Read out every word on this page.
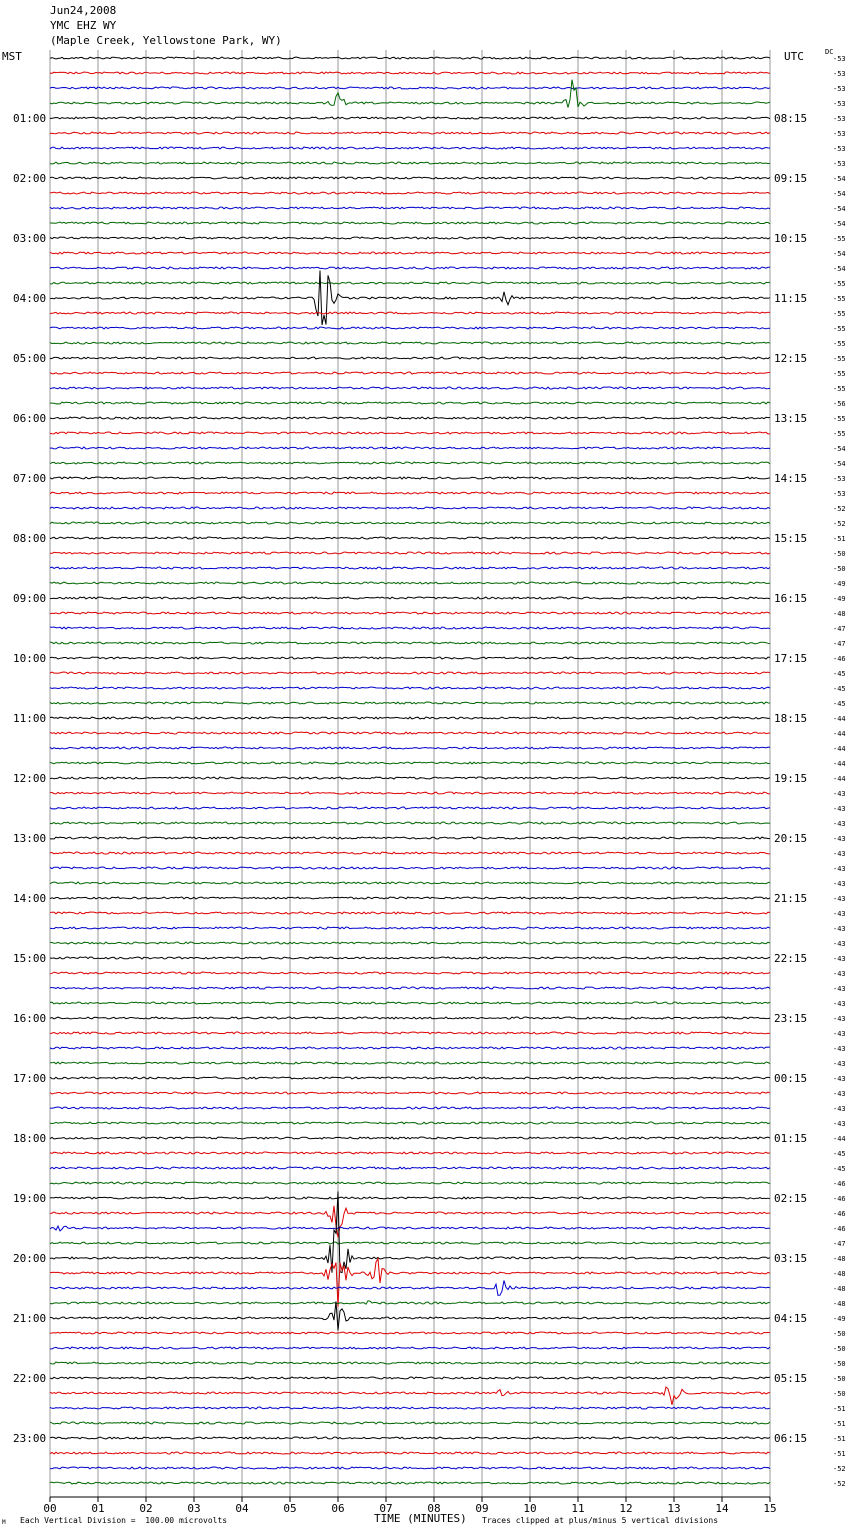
Jun24,2008
YMC EHZ WY
(Maple Creek, Yellowstone Park, WY)
MST	UTC	DC
-53
-53
-53
-53
-53
-53
-53
-53
-54
-54
-54
-54
-55
-54
-54
-55
-55
-55
-55
-55
-55
-55
-55
-56
-55
-55
-54
-54
-53
-53
-52
-52
-51
-50
-50
-49
-49
-48
-47
-47
-46
-45
-45
-45
-44
-44
-44
-44
-44
-43
-43
-43
-43
-43
-43
-43
-43
-43
-43
-43
-43
-43
-43
-43
-43
-43
-43
-43
-43
-43
-43
-43
-44
-45
-45
-46
-46
-46
-46
-47
-48
-48
-48
-48
-49
-50
-50
-50
-50
-50
-51
-51
-51
-51
-52
-52
01:00
02:00
03:00
04:00
05:00
06:00
07:00
08:00
09:00
10:00
11:00
12:00
13:00
14:00
15:00
16:00
17:00
18:00
19:00
20:00
21:00
22:00
23:00
08:15
09:15
10:15
11:15
12:15
13:15
14:15
15:15
16:15
17:15
18:15
19:15
20:15
21:15
22:15
23:15
00:15
01:15
02:15
03:15
04:15
05:15
06:15
00	01	02	03	04	05	06	07	08	09	10	11	12	13	14	15
TIME (MINUTES)
Each Vertical Division =  100.00 microvolts	Traces clipped at plus/minus 5 vertical divisions
M
